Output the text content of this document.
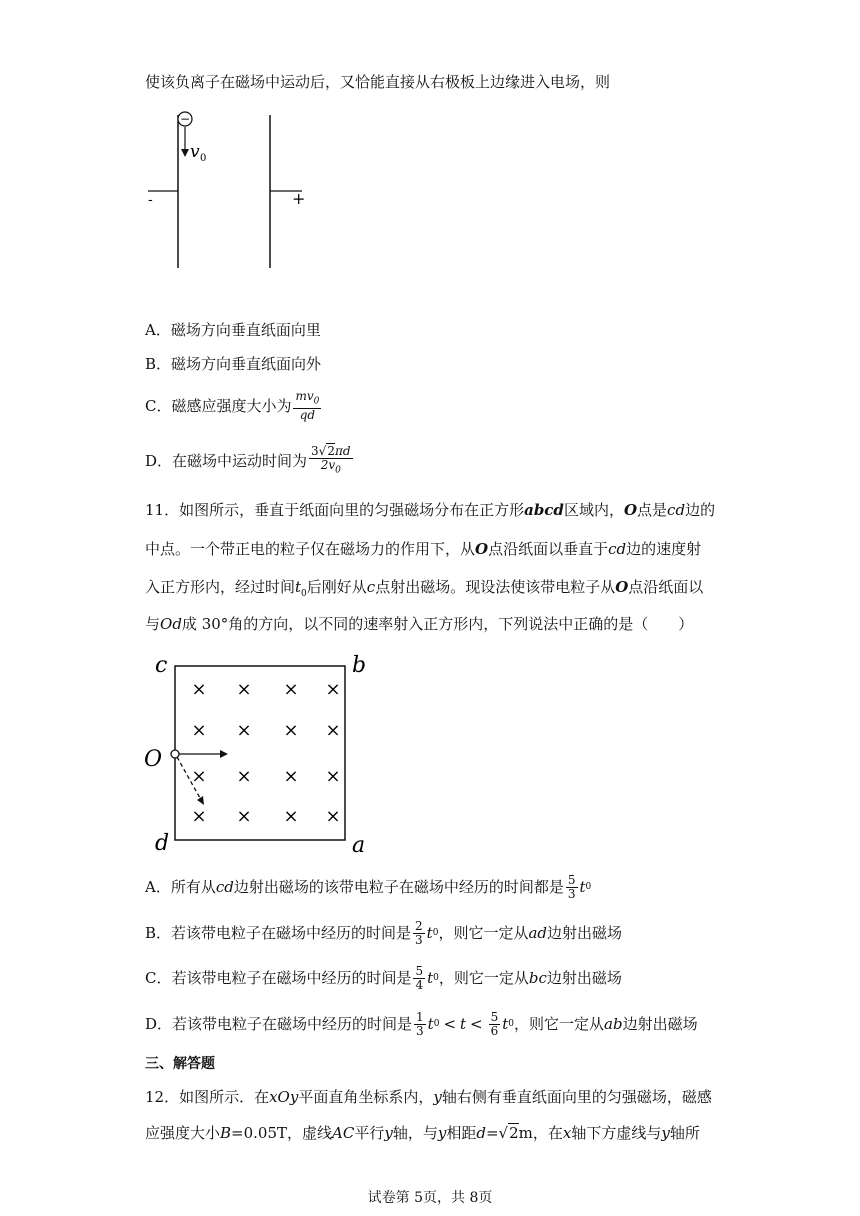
使该负离子在磁场中运动后，又恰能直接从右极板上边缘进入电场，则
−
v 0
-	+
A．磁场方向垂直纸面向里
B．磁场方向垂直纸面向外
C．磁感应强度大小为 $\frac{mv_0}{qd}$
D．在磁场中运动时间为 $\frac{3√2\pi d}{2v_0}$
11．如图所示，垂直于纸面向里的匀强磁场分布在正方形abcd区域内，O点是cd边的
中点。一个带正电的粒子仅在磁场力的作用下，从O点沿纸面以垂直于cd边的速度射
入正方形内，经过时间$t_0$后刚好从c点射出磁场。现设法使该带电粒子从O点沿纸面以
与Od成 30°角的方向，以不同的速率射入正方形内，下列说法中正确的是（　　）
c	b
O
d	a
× × × ×
× × × ×
× × × ×
× × × ×
A．所有从 cd 边射出磁场的该带电粒子在磁场中经历的时间都是 $\frac{5}{3}$ t 0
B．若该带电粒子在磁场中经历的时间是 $\frac{2}{3}$ t 0 ，则它一定从 ad 边射出磁场
C．若该带电粒子在磁场中经历的时间是 $\frac{5}{4}$ t 0 ，则它一定从 bc 边射出磁场
D．若该带电粒子在磁场中经历的时间是 $\frac{1}{3}$ t $0 < t < \frac{5}{6}$ t 0 ，则它一定从 ab 边射出磁场
三、解答题
12．如图所示．在xOy平面直角坐标系内，y轴右侧有垂直纸面向里的匀强磁场，磁感
应强度大小B=0.05T，虚线AC平行y轴，与y相距d=√2m，在x轴下方虚线与y轴所
试卷第 5页，共 8页
